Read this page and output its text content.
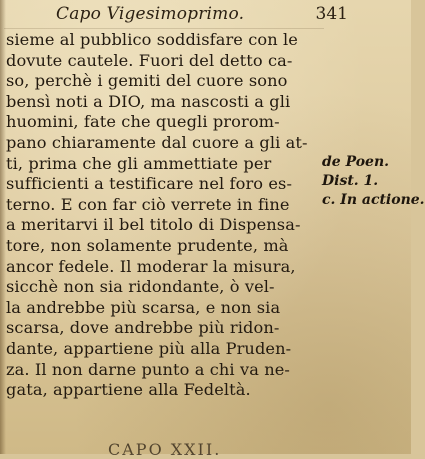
Capo Vigesimoprimo.	341
sieme al pubblico soddisfare con le
dovute cautele. Fuori del detto ca-
so, perchè i gemiti del cuore sono
bensì noti a DIO, ma nascosti a gli
huomini, fate che quegli prorom-
pano chiaramente dal cuore a gli at-
ti, prima che gli ammettiate per
sufficienti a testificare nel foro es-
terno. E con far ciò verrete in fine
a meritarvi il bel titolo di Dispensa-
tore, non solamente prudente, mà
ancor fedele. Il moderar la misura,
sicchè non sia ridondante, ò vel-
la andrebbe più scarsa, e non sia
scarsa, dove andrebbe più ridon-
dante, appartiene più alla Pruden-
za. Il non darne punto a chi va ne-
gata, appartiene alla Fedeltà.
de Poen.
Dist. 1.
c. In actione.
CAPO XXII.
